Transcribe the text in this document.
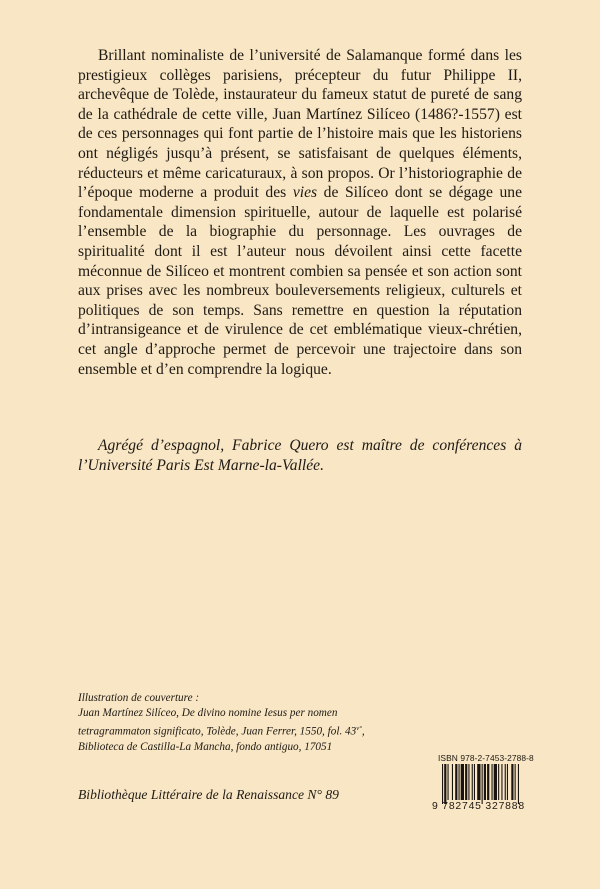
Brillant nominaliste de l’université de Salamanque formé dans les prestigieux collèges parisiens, précepteur du futur Philippe II, archevêque de Tolède, instaurateur du fameux statut de pureté de sang de la cathédrale de cette ville, Juan Martínez Silíceo (1486?-1557) est de ces personnages qui font partie de l’histoire mais que les historiens ont négligés jusqu’à présent, se satisfaisant de quelques éléments, réducteurs et même caricaturaux, à son propos. Or l’historiographie de l’époque moderne a produit des vies de Silíceo dont se dégage une fondamentale dimension spirituelle, autour de laquelle est polarisé l’ensemble de la biographie du personnage. Les ouvrages de spiritualité dont il est l’auteur nous dévoilent ainsi cette facette méconnue de Silíceo et montrent combien sa pensée et son action sont aux prises avec les nombreux bouleversements religieux, culturels et politiques de son temps. Sans remettre en question la réputation d’intransigeance et de virulence de cet emblématique vieux-chrétien, cet angle d’approche permet de percevoir une trajectoire dans son ensemble et d’en comprendre la logique.

Agrégé d’espagnol, Fabrice Quero est maître de conférences à l’Université Paris Est Marne-la-Vallée.

Illustration de couverture :
Juan Martínez Silíceo, De divino nomine Iesus per nomen
tetragrammaton significato, Tolède, Juan Ferrer, 1550, fol. $43^{v^\circ}$,
Biblioteca de Castilla-La Mancha, fondo antiguo, 17051
Bibliothèque Littéraire de la Renaissance N° 89
ISBN 978-2-7453-2788-8
9 782745 327888
